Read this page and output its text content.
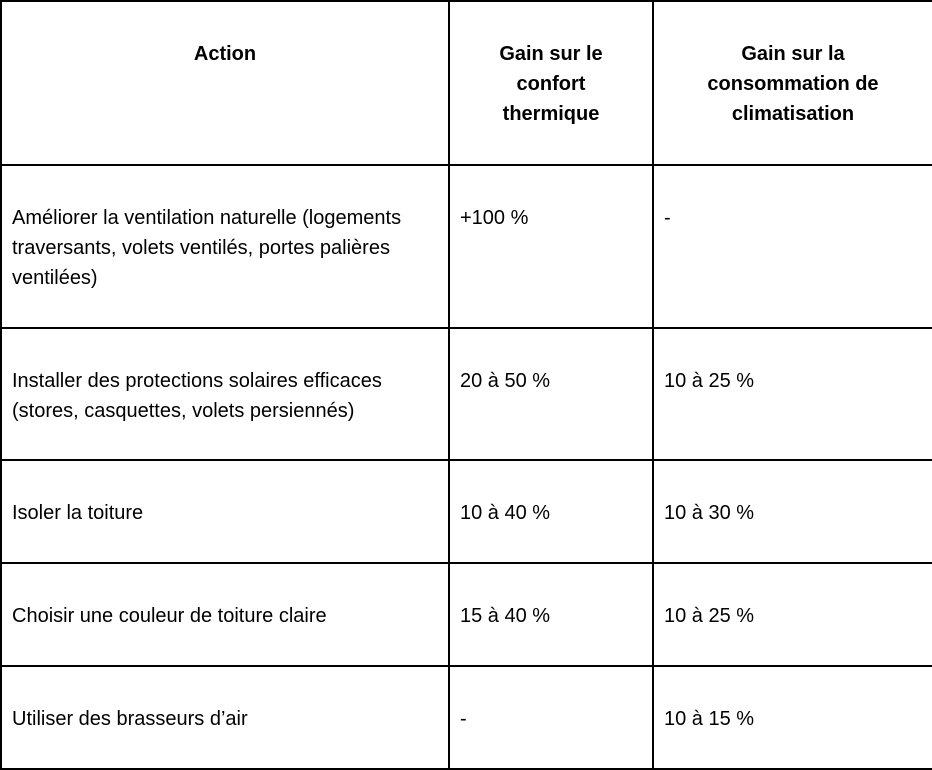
Action	Gain sur le confort thermique	Gain sur la consommation de climatisation
Améliorer la ventilation naturelle (logements traversants, volets ventilés, portes palières ventilées)	+100 %	-
Installer des protections solaires efficaces (stores, casquettes, volets persiennés)	20 à 50 %	10 à 25 %
Isoler la toiture	10 à 40 %	10 à 30 %
Choisir une couleur de toiture claire	15 à 40 %	10 à 25 %
Utiliser des brasseurs d’air	-	10 à 15 %
